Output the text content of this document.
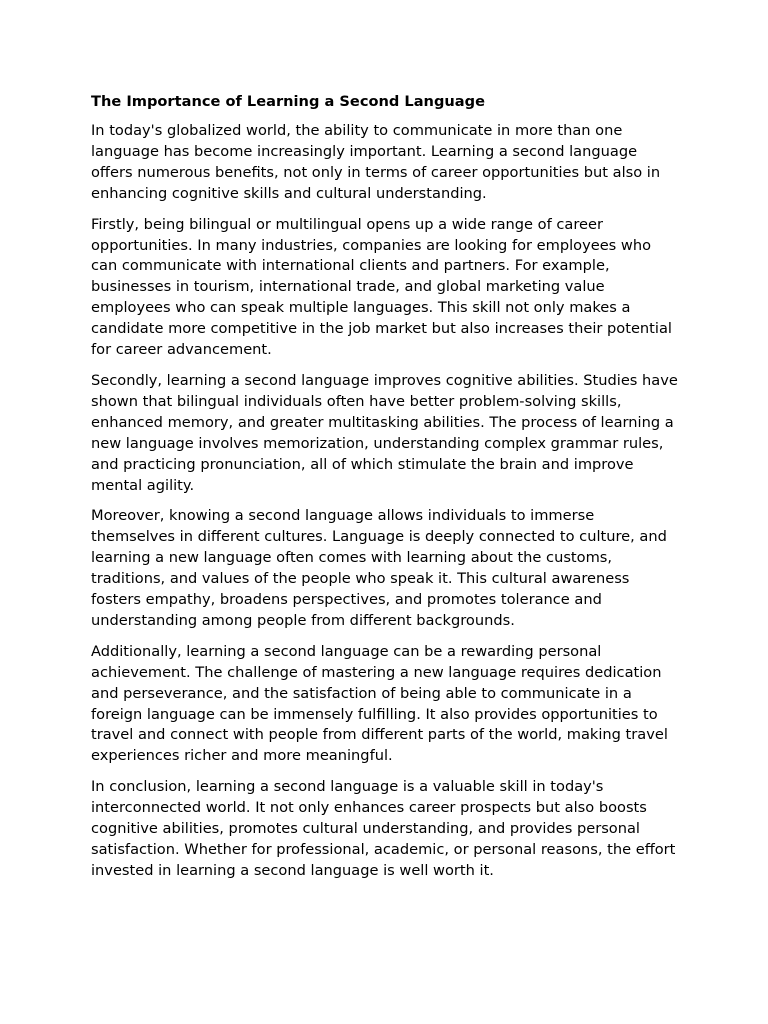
The Importance of Learning a Second Language

In today's globalized world, the ability to communicate in more than one language has become increasingly important. Learning a second language offers numerous benefits, not only in terms of career opportunities but also in enhancing cognitive skills and cultural understanding.

Firstly, being bilingual or multilingual opens up a wide range of career opportunities. In many industries, companies are looking for employees who can communicate with international clients and partners. For example, businesses in tourism, international trade, and global marketing value employees who can speak multiple languages. This skill not only makes a candidate more competitive in the job market but also increases their potential for career advancement.

Secondly, learning a second language improves cognitive abilities. Studies have shown that bilingual individuals often have better problem-solving skills, enhanced memory, and greater multitasking abilities. The process of learning a new language involves memorization, understanding complex grammar rules, and practicing pronunciation, all of which stimulate the brain and improve mental agility.

Moreover, knowing a second language allows individuals to immerse themselves in different cultures. Language is deeply connected to culture, and learning a new language often comes with learning about the customs, traditions, and values of the people who speak it. This cultural awareness fosters empathy, broadens perspectives, and promotes tolerance and understanding among people from different backgrounds.

Additionally, learning a second language can be a rewarding personal achievement. The challenge of mastering a new language requires dedication and perseverance, and the satisfaction of being able to communicate in a foreign language can be immensely fulfilling. It also provides opportunities to travel and connect with people from different parts of the world, making travel experiences richer and more meaningful.

In conclusion, learning a second language is a valuable skill in today's interconnected world. It not only enhances career prospects but also boosts cognitive abilities, promotes cultural understanding, and provides personal satisfaction. Whether for professional, academic, or personal reasons, the effort invested in learning a second language is well worth it.
